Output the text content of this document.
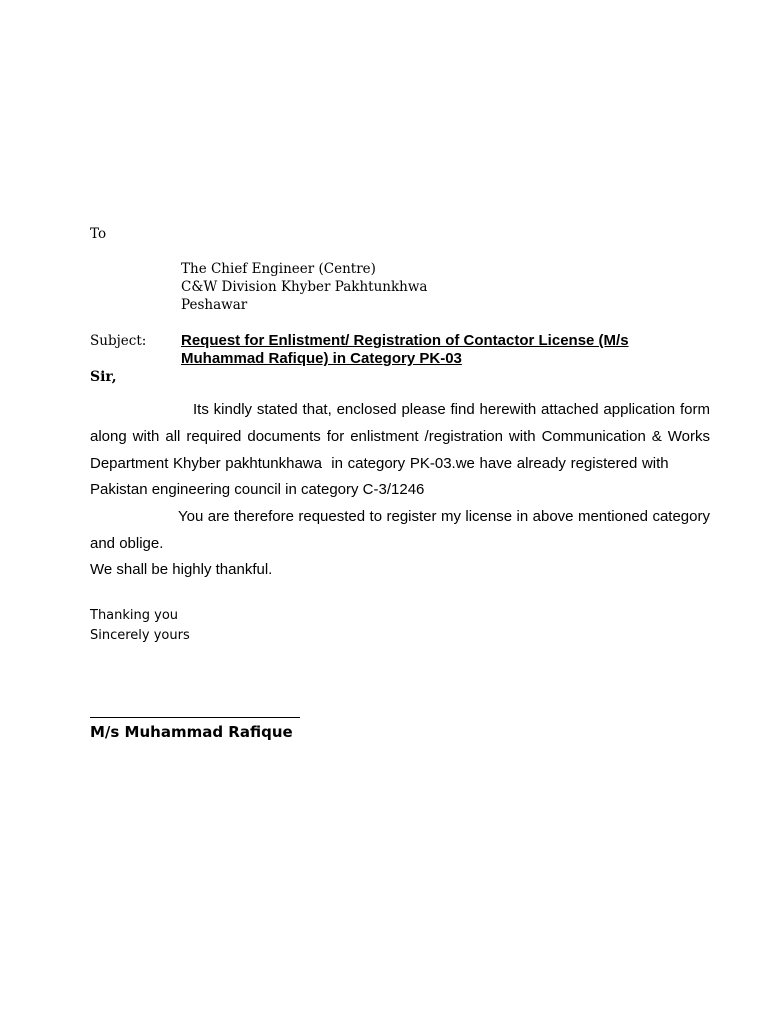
To
The Chief Engineer (Centre)
C&W Division Khyber Pakhtunkhwa
Peshawar
Subject: Request for Enlistment/ Registration of Contactor License (M/s
Muhammad Rafique) in Category PK-03
Sir,
Its kindly stated that, enclosed please find herewith attached application form
along with all required documents for enlistment /registration with Communication & Works
Department Khyber pakhtunkhawa  in category PK-03.we have already registered with
Pakistan engineering council in category C-3/1246
You are therefore requested to register my license in above mentioned category
and oblige.
We shall be highly thankful.
Thanking you
Sincerely yours
M/s Muhammad Rafique
